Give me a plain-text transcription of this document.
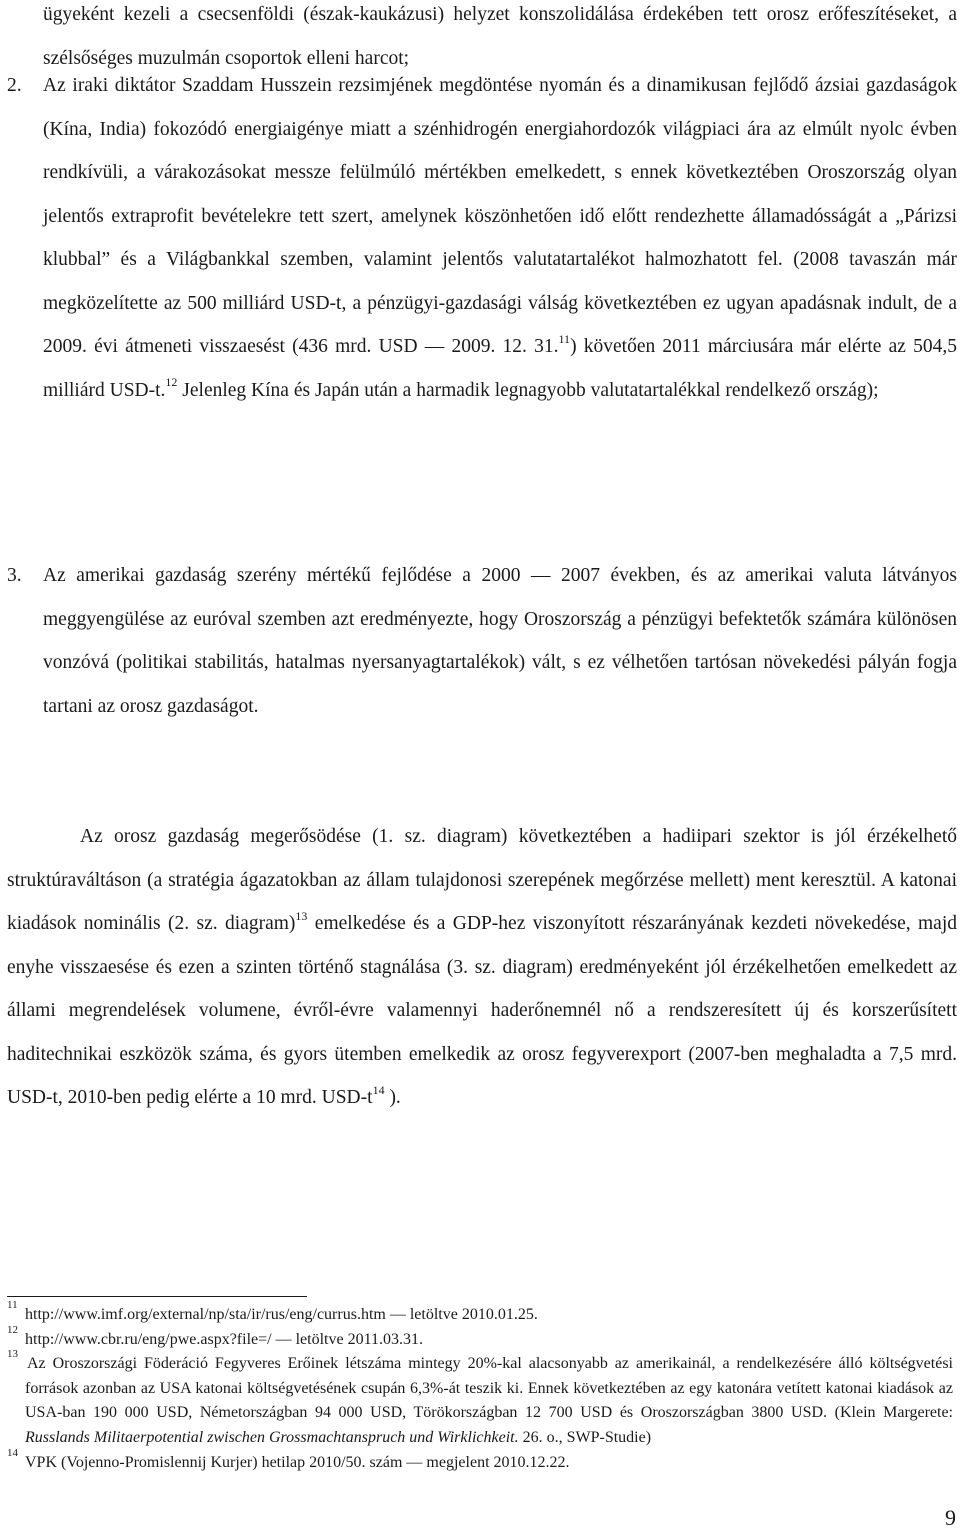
ügyeként kezeli a csecsenföldi (észak-kaukázusi) helyzet konszolidálása érdekében tett orosz erőfeszítéseket, a szélsőséges muzulmán csoportok elleni harcot;
2. Az iraki diktátor Szaddam Husszein rezsimjének megdöntése nyomán és a dinamikusan fejlődő ázsiai gazdaságok (Kína, India) fokozódó energiaigénye miatt a szénhidrogén energiahordozók világpiaci ára az elmúlt nyolc évben rendkívüli, a várakozásokat messze felülmúló mértékben emelkedett, s ennek következtében Oroszország olyan jelentős extraprofit bevételekre tett szert, amelynek köszönhetően idő előtt rendezhette államadósságát a „Párizsi klubbal” és a Világbankkal szemben, valamint jelentős valutatartalékot halmozhatott fel. (2008 tavaszán már megközelítette az 500 milliárd USD-t, a pénzügyi-gazdasági válság következtében ez ugyan apadásnak indult, de a 2009. évi átmeneti visszaesést (436 mrd. USD ― 2009. 12. 31.11) követően 2011 márciusára már elérte az 504,5 milliárd USD-t.$^{12}$ Jelenleg Kína és Japán után a harmadik legnagyobb valutatartalékkal rendelkező ország);
3. Az amerikai gazdaság szerény mértékű fejlődése a 2000 ― 2007 években, és az amerikai valuta látványos meggyengülése az euróval szemben azt eredményezte, hogy Oroszország a pénzügyi befektetők számára különösen vonzóvá (politikai stabilitás, hatalmas nyersanyagtartalékok) vált, s ez vélhetően tartósan növekedési pályán fogja tartani az orosz gazdaságot.
Az orosz gazdaság megerősödése (1. sz. diagram) következtében a hadiipari szektor is jól érzékelhető struktúraváltáson (a stratégia ágazatokban az állam tulajdonosi szerepének megőrzése mellett) ment keresztül. A katonai kiadások nominális (2. sz. diagram)$^{13}$ emelkedése és a GDP-hez viszonyított részarányának kezdeti növekedése, majd enyhe visszaesése és ezen a szinten történő stagnálása (3. sz. diagram) eredményeként jól érzékelhetően emelkedett az állami megrendelések volumene, évről-évre valamennyi haderőnemnél nő a rendszeresített új és korszerűsített haditechnikai eszközök száma, és gyors ütemben emelkedik az orosz fegyverexport (2007-ben meghaladta a 7,5 mrd. USD-t, 2010-ben pedig elérte a 10 mrd. USD-$t^{14}$ ).
11
http://www.imf.org/external/np/sta/ir/rus/eng/currus.htm ― letöltve 2010.01.25.
12
http://www.cbr.ru/eng/pwe.aspx?file=/ ― letöltve 2011.03.31.
13
Az Oroszországi Föderáció Fegyveres Erőinek létszáma mintegy 20%-kal alacsonyabb az amerikainál, a rendelkezésére álló költségvetési források azonban az USA katonai költségvetésének csupán 6,3%-át teszik ki. Ennek következtében az egy katonára vetített katonai kiadások az USA-ban 190 000 USD, Németországban 94 000 USD, Törökországban 12 700 USD és Oroszországban 3800 USD. (Klein Margerete: Russlands Militaerpotential zwischen Grossmachtanspruch und Wirklichkeit. 26. o., SWP-Studie)
14
VPK (Vojenno-Promislennij Kurjer) hetilap 2010/50. szám ― megjelent 2010.12.22.
9
